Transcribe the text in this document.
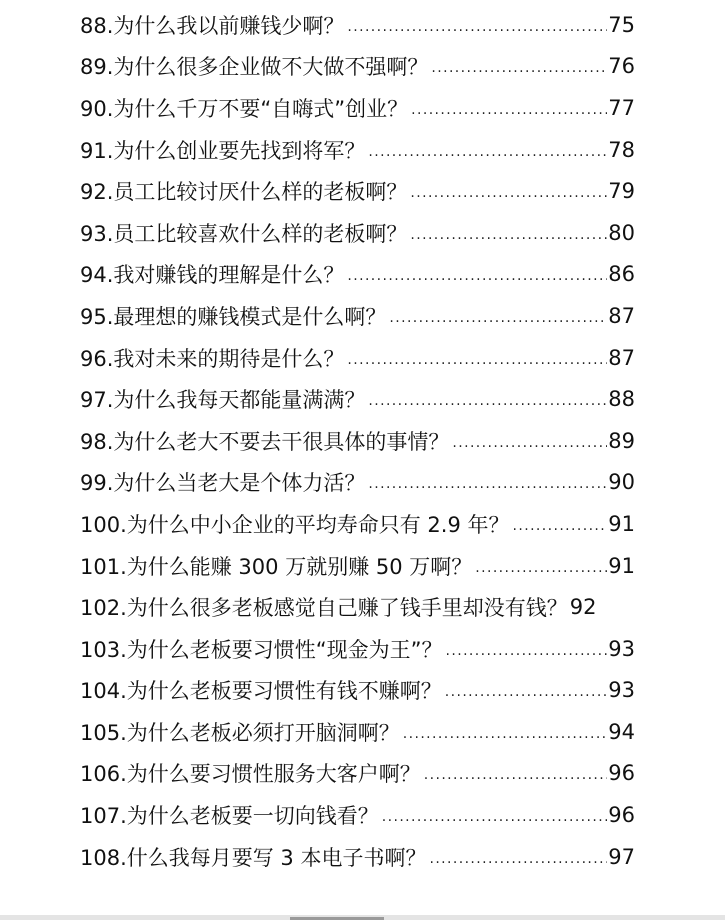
88.为什么我以前赚钱少啊？ .....	75
89.为什么很多企业做不大做不强啊？ .....	76
90.为什么千万不要“自嗨式”创业？ .....	77
91.为什么创业要先找到将军？ .....	78
92.员工比较讨厌什么样的老板啊？ .....	79
93.员工比较喜欢什么样的老板啊？ .....	80
94.我对赚钱的理解是什么？ .....	86
95.最理想的赚钱模式是什么啊？ .....	87
96.我对未来的期待是什么？ .....	87
97.为什么我每天都能量满满？ .....	88
98.为什么老大不要去干很具体的事情？ .....	89
99.为什么当老大是个体力活？ .....	90
100.为什么中小企业的平均寿命只有 2.9 年？ .....	91
101.为什么能赚 300 万就别赚 50 万啊？ .....	91
102.为什么很多老板感觉自己赚了钱手里却没有钱？ 92
103.为什么老板要习惯性“现金为王”？ .....	93
104.为什么老板要习惯性有钱不赚啊？ .....	93
105.为什么老板必须打开脑洞啊？ .....	94
106.为什么要习惯性服务大客户啊？ .....	96
107.为什么老板要一切向钱看？ .....	96
108.什么我每月要写 3 本电子书啊？ .....	97
